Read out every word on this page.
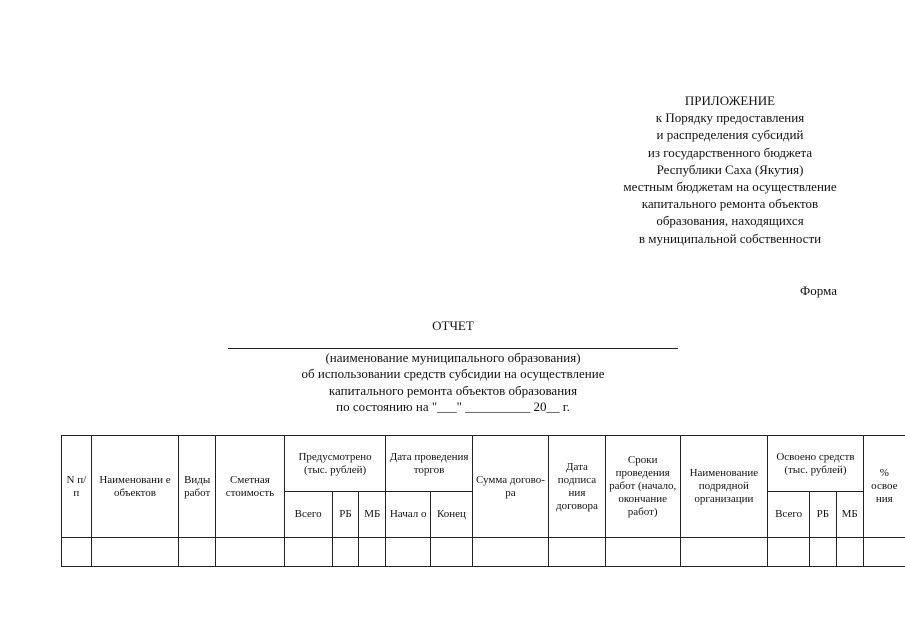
ПРИЛОЖЕНИЕ
к Порядку предоставления
и распределения субсидий
из государственного бюджета
Республики Саха (Якутия)
местным бюджетам на осуществление
капитального ремонта объектов
образования, находящихся
в муниципальной собственности
Форма
ОТЧЕТ
(наименование муниципального образования)
об использовании средств субсидии на осуществление
капитального ремонта объектов образования
по состоянию на "___" __________ 20__ г.
N п/п	Наименовани е объектов	Виды работ	Сметная стоимость	Предусмотрено (тыс. рублей)			Дата проведения торгов		Сумма догово-ра	Дата подписа ния договора	Сроки проведения работ (начало, окончание работ)	Наименование подрядной организации	Освоено средств (тыс. рублей)			% освое ния
				Всего	РБ	МБ	Начал о	Конец					Всего	РБ	МБ	
